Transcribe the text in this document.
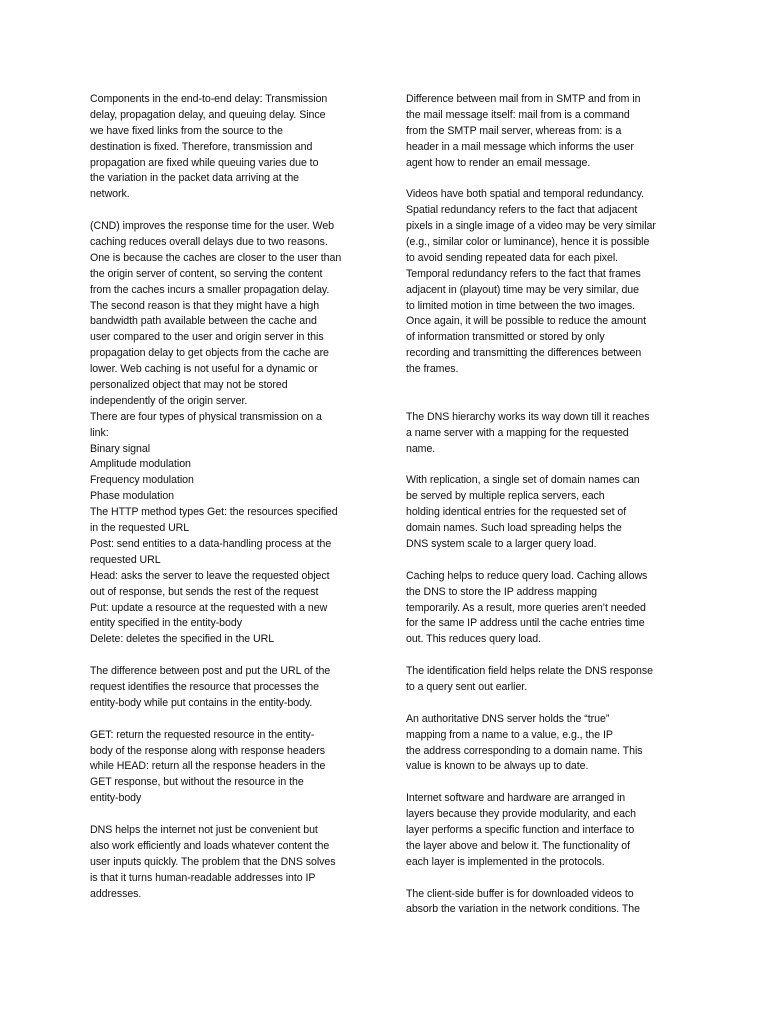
Components in the end-to-end delay: Transmission
delay, propagation delay, and queuing delay. Since
we have fixed links from the source to the
destination is fixed. Therefore, transmission and
propagation are fixed while queuing varies due to
the variation in the packet data arriving at the
network.
(CND) improves the response time for the user. Web
caching reduces overall delays due to two reasons.
One is because the caches are closer to the user than
the origin server of content, so serving the content
from the caches incurs a smaller propagation delay.
The second reason is that they might have a high
bandwidth path available between the cache and
user compared to the user and origin server in this
propagation delay to get objects from the cache are
lower. Web caching is not useful for a dynamic or
personalized object that may not be stored
independently of the origin server.
There are four types of physical transmission on a
link:
Binary signal
Amplitude modulation
Frequency modulation
Phase modulation
The HTTP method types Get: the resources specified
in the requested URL
Post: send entities to a data-handling process at the
requested URL
Head: asks the server to leave the requested object
out of response, but sends the rest of the request
Put: update a resource at the requested with a new
entity specified in the entity-body
Delete: deletes the specified in the URL
The difference between post and put the URL of the
request identifies the resource that processes the
entity-body while put contains in the entity-body.
GET: return the requested resource in the entity-
body of the response along with response headers
while HEAD: return all the response headers in the
GET response, but without the resource in the
entity-body
DNS helps the internet not just be convenient but
also work efficiently and loads whatever content the
user inputs quickly. The problem that the DNS solves
is that it turns human-readable addresses into IP
addresses.
Difference between mail from in SMTP and from in
the mail message itself: mail from is a command
from the SMTP mail server, whereas from: is a
header in a mail message which informs the user
agent how to render an email message.
Videos have both spatial and temporal redundancy.
Spatial redundancy refers to the fact that adjacent
pixels in a single image of a video may be very similar
(e.g., similar color or luminance), hence it is possible
to avoid sending repeated data for each pixel.
Temporal redundancy refers to the fact that frames
adjacent in (playout) time may be very similar, due
to limited motion in time between the two images.
Once again, it will be possible to reduce the amount
of information transmitted or stored by only
recording and transmitting the differences between
the frames.
The DNS hierarchy works its way down till it reaches
a name server with a mapping for the requested
name.
With replication, a single set of domain names can
be served by multiple replica servers, each
holding identical entries for the requested set of
domain names. Such load spreading helps the
DNS system scale to a larger query load.
Caching helps to reduce query load. Caching allows
the DNS to store the IP address mapping
temporarily. As a result, more queries aren’t needed
for the same IP address until the cache entries time
out. This reduces query load.
The identification field helps relate the DNS response
to a query sent out earlier.
An authoritative DNS server holds the “true”
mapping from a name to a value, e.g., the IP
the address corresponding to a domain name. This
value is known to be always up to date.
Internet software and hardware are arranged in
layers because they provide modularity, and each
layer performs a specific function and interface to
the layer above and below it. The functionality of
each layer is implemented in the protocols.
The client-side buffer is for downloaded videos to
absorb the variation in the network conditions. The
